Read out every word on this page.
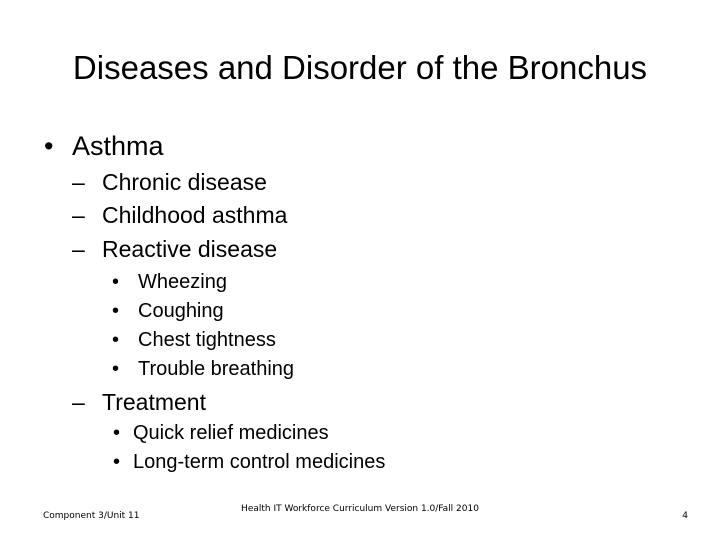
Diseases and Disorder of the Bronchus
• Asthma
– Chronic disease
– Childhood asthma
– Reactive disease
• Wheezing
• Coughing
• Chest tightness
• Trouble breathing
– Treatment
• Quick relief medicines
• Long-term control medicines
Component 3/Unit 11
Health IT Workforce Curriculum Version 1.0/Fall 2010
4
